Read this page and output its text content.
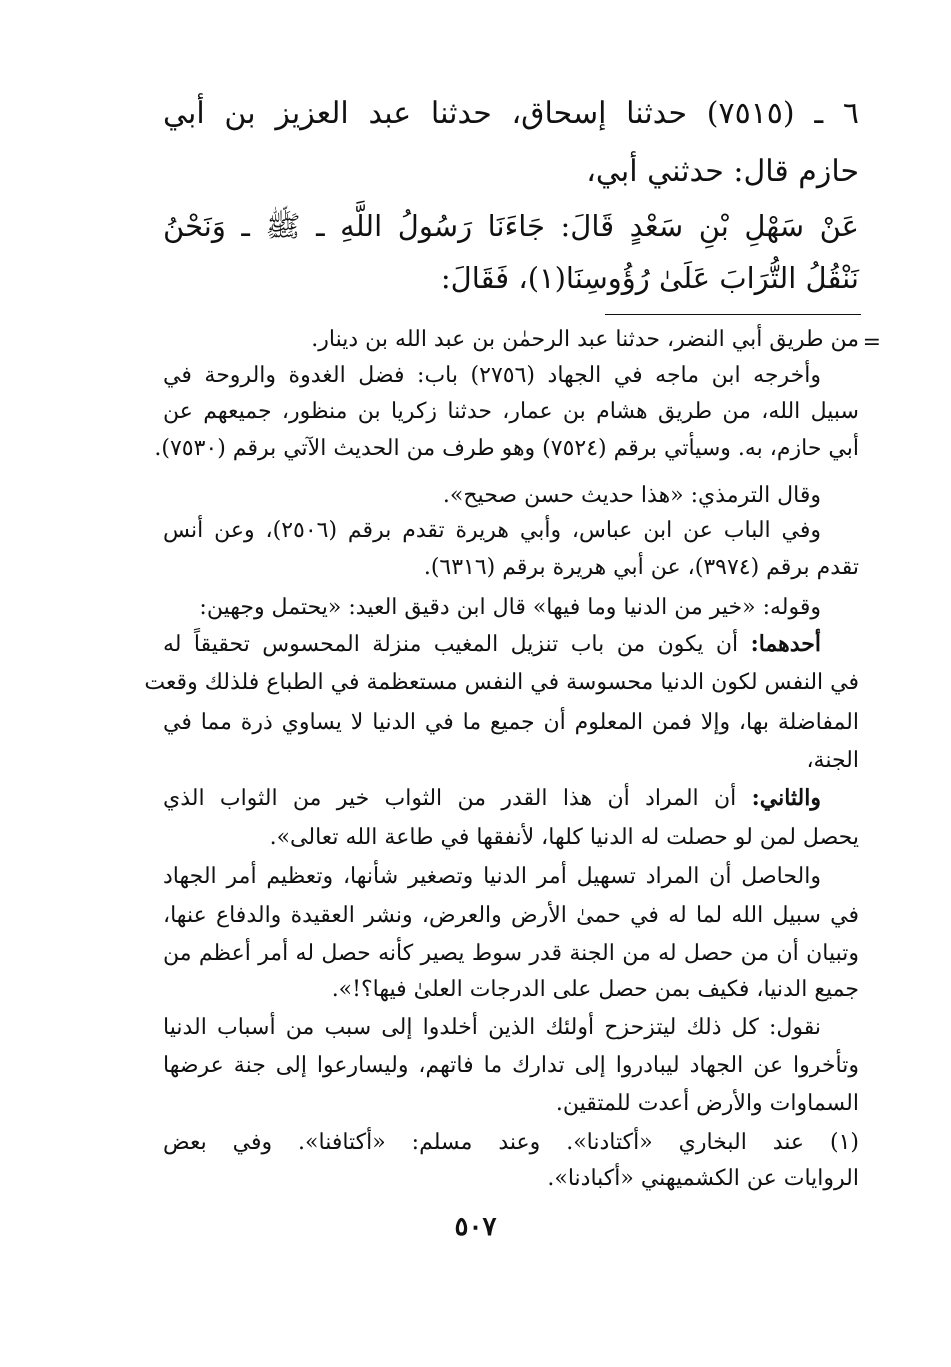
٦ ـ (٧٥١٥) حدثنا إسحاق، حدثنا عبد العزيز بن أبي
حازم قال: حدثني أبي،
عَنْ سَهْلِ بْنِ سَعْدٍ قَالَ: جَاءَنَا رَسُولُ اللَّهِ ـ ﷺ ـ وَنَحْنُ
نَنْقُلُ التُّرَابَ عَلَىٰ رُؤُوسِنَا(١)، فَقَالَ:
=
من طريق أبي النضر، حدثنا عبد الرحمٰن بن عبد الله بن دينار.
وأخرجه ابن ماجه في الجهاد (٢٧٥٦) باب: فضل الغدوة والروحة في
سبيل الله، من طريق هشام بن عمار، حدثنا زكريا بن منظور، جميعهم عن
أبي حازم، به. وسيأتي برقم (٧٥٢٤) وهو طرف من الحديث الآتي برقم (٧٥٣٠).
وقال الترمذي: «هذا حديث حسن صحيح».
وفي الباب عن ابن عباس، وأبي هريرة تقدم برقم (٢٥٠٦)، وعن أنس
تقدم برقم (٣٩٧٤)، عن أبي هريرة برقم (٦٣١٦).
وقوله: «خير من الدنيا وما فيها» قال ابن دقيق العيد: «يحتمل وجهين:
أحدهما: أن يكون من باب تنزيل المغيب منزلة المحسوس تحقيقاً له
في النفس لكون الدنيا محسوسة في النفس مستعظمة في الطباع فلذلك وقعت
المفاضلة بها، وإلا فمن المعلوم أن جميع ما في الدنيا لا يساوي ذرة مما في
الجنة،
والثاني: أن المراد أن هذا القدر من الثواب خير من الثواب الذي
يحصل لمن لو حصلت له الدنيا كلها، لأنفقها في طاعة الله تعالى».
والحاصل أن المراد تسهيل أمر الدنيا وتصغير شأنها، وتعظيم أمر الجهاد
في سبيل الله لما له في حمىٰ الأرض والعرض، ونشر العقيدة والدفاع عنها،
وتبيان أن من حصل له من الجنة قدر سوط يصير كأنه حصل له أمر أعظم من
جميع الدنيا، فكيف بمن حصل على الدرجات العلىٰ فيها؟!».
نقول: كل ذلك ليتزحزح أولئك الذين أخلدوا إلى سبب من أسباب الدنيا
وتأخروا عن الجهاد ليبادروا إلى تدارك ما فاتهم، وليسارعوا إلى جنة عرضها
السماوات والأرض أعدت للمتقين.
(١) عند البخاري «أكتادنا». وعند مسلم: «أكتافنا». وفي بعض
الروايات عن الكشميهني «أكبادنا».
٥٠٧
